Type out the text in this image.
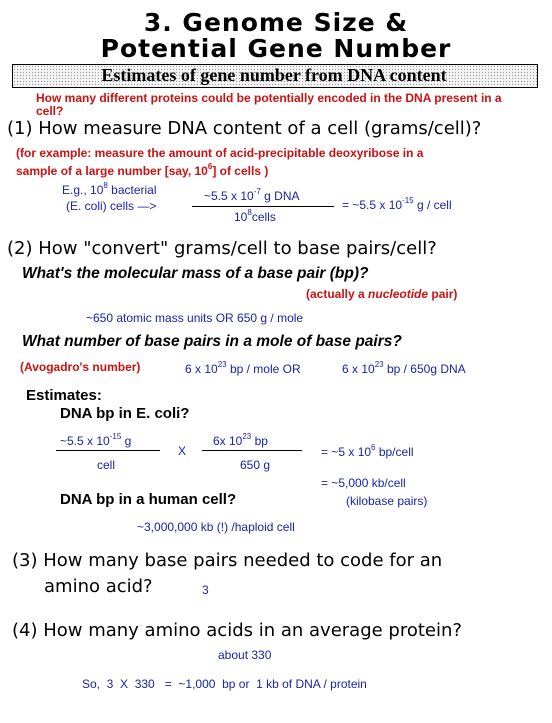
3. Genome Size &
Potential Gene Number
Estimates of gene number from DNA content
How many different proteins could be potentially encoded in the DNA present in a cell?
(1) How measure DNA content of a cell (grams/cell)?
(for example: measure the amount of acid-precipitable deoxyribose in a
sample of a large number [say, $10^6$] of cells )
E.g., $10^8$ bacterial
(E. coli) cells —>
~5.5 x $10^{-7}$ g DNA
$10^8cells$
= ~5.5 x $10^{-15}$ g / cell
(2) How "convert" grams/cell to base pairs/cell?
What's the molecular mass of a base pair (bp)?
(actually a nucleotide pair)
~650 atomic mass units OR 650 g / mole
What number of base pairs in a mole of base pairs?
(Avogadro's number)	6 x $10^{23}$ bp / mole OR	6 x $10^{23}$ bp / 650g DNA
Estimates:
DNA bp in E. coli?
~5.5 x $10^{-15}$ g
cell
X
6x $10^{23}$ bp
650 g
= ~5 x $10^6$ bp/cell
= ~5,000 kb/cell
(kilobase pairs)
DNA bp in a human cell?
~3,000,000 kb (!) /haploid cell
(3) How many base pairs needed to code for an
amino acid?	3
(4) How many amino acids in an average protein?
about 330
So,  3  X  330   =  ~1,000  bp or  1 kb of DNA / protein
